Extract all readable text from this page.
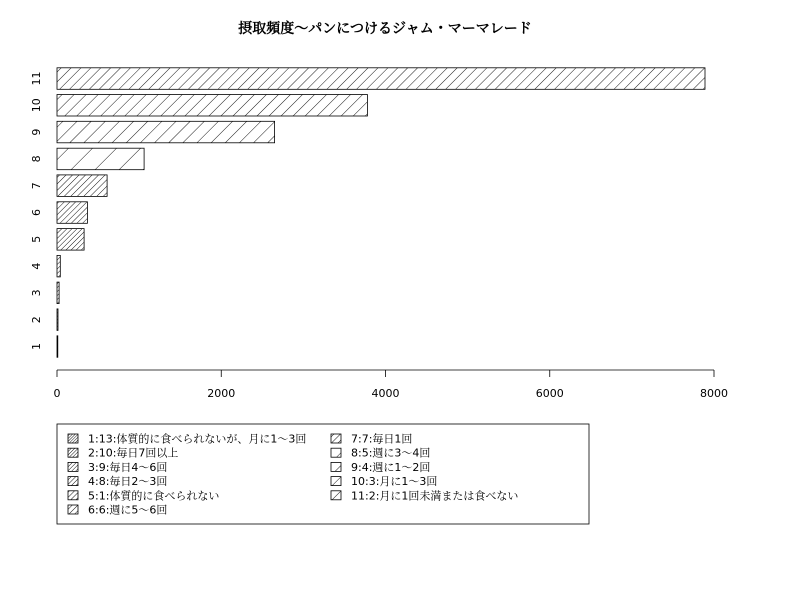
摂取頻度～パンにつけるジャム・マーマレード
1
2
3
4
5
6
7
8
9
10
11
0	2000	4000	6000	8000
1:13:体質的に食べられないが、月に1～3回
2:10:毎日7回以上
3:9:毎日4～6回
4:8:毎日2～3回
5:1:体質的に食べられない
6:6:週に5～6回
7:7:毎日1回
8:5:週に3～4回
9:4:週に1～2回
10:3:月に1～3回
11:2:月に1回未満または食べない
